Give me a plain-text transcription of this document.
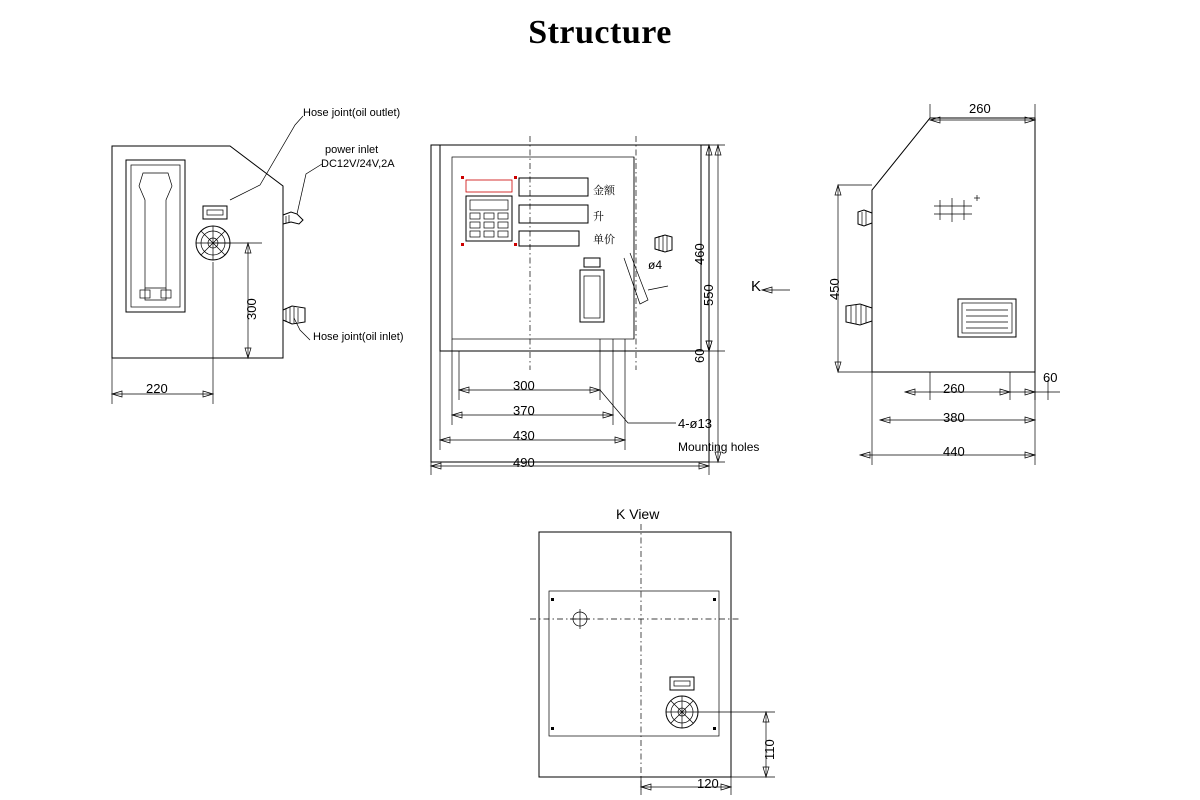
Structure
Hose joint(oil outlet)
power inlet
DC12V/24V,2A
Hose joint(oil inlet)
220
300
金额
升
单价
ø4
4-ø13
Mounting holes
300
370
430
490
460
550
60
260
K	450
260
60
380
440
K View
110
120
